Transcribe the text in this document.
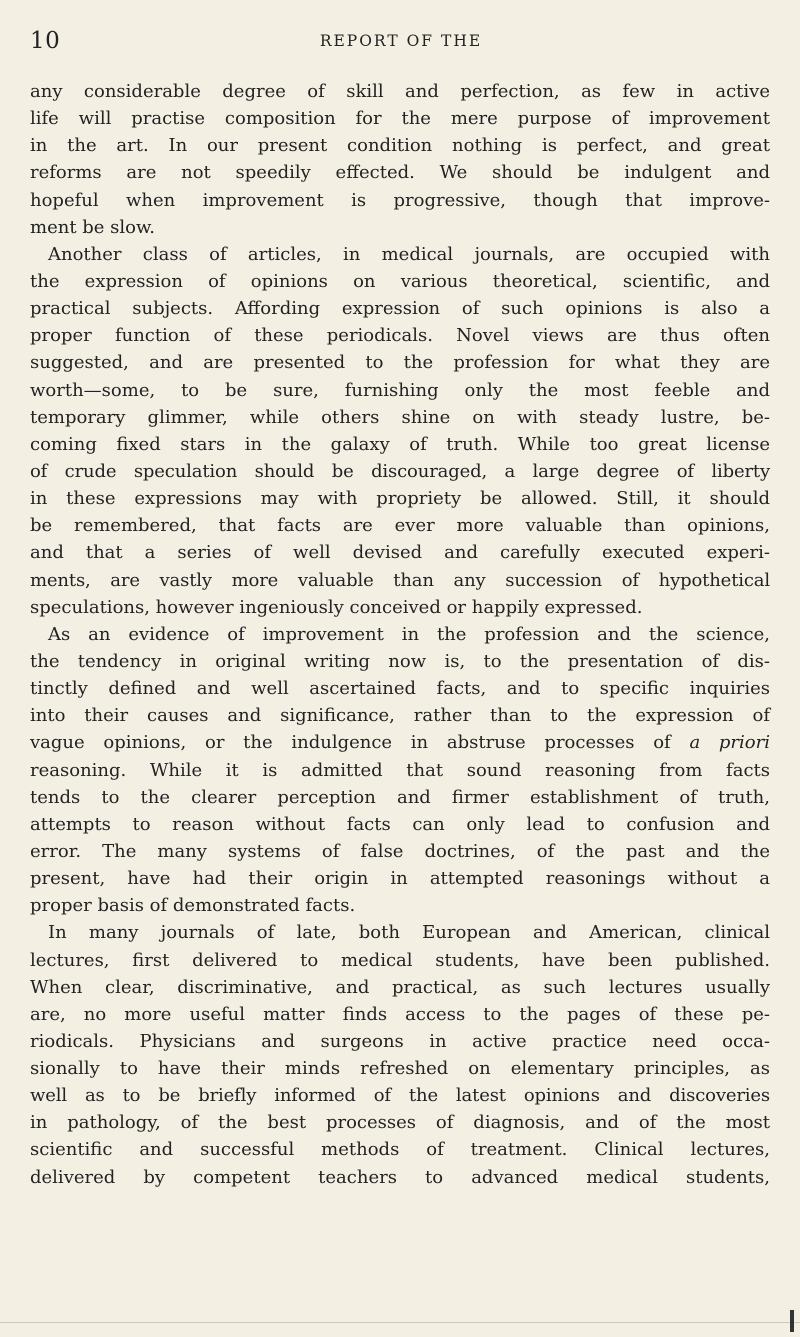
10	REPORT OF THE
any considerable degree of skill and perfection, as few in active
life will practise composition for the mere purpose of improvement
in the art. In our present condition nothing is perfect, and great
reforms are not speedily effected. We should be indulgent and
hopeful when improvement is progressive, though that improve-
ment be slow.
Another class of articles, in medical journals, are occupied with
the expression of opinions on various theoretical, scientific, and
practical subjects. Affording expression of such opinions is also a
proper function of these periodicals. Novel views are thus often
suggested, and are presented to the profession for what they are
worth—some, to be sure, furnishing only the most feeble and
temporary glimmer, while others shine on with steady lustre, be-
coming fixed stars in the galaxy of truth. While too great license
of crude speculation should be discouraged, a large degree of liberty
in these expressions may with propriety be allowed. Still, it should
be remembered, that facts are ever more valuable than opinions,
and that a series of well devised and carefully executed experi-
ments, are vastly more valuable than any succession of hypothetical
speculations, however ingeniously conceived or happily expressed.
As an evidence of improvement in the profession and the science,
the tendency in original writing now is, to the presentation of dis-
tinctly defined and well ascertained facts, and to specific inquiries
into their causes and significance, rather than to the expression of
vague opinions, or the indulgence in abstruse processes of a priori
reasoning. While it is admitted that sound reasoning from facts
tends to the clearer perception and firmer establishment of truth,
attempts to reason without facts can only lead to confusion and
error. The many systems of false doctrines, of the past and the
present, have had their origin in attempted reasonings without a
proper basis of demonstrated facts.
In many journals of late, both European and American, clinical
lectures, first delivered to medical students, have been published.
When clear, discriminative, and practical, as such lectures usually
are, no more useful matter finds access to the pages of these pe-
riodicals. Physicians and surgeons in active practice need occa-
sionally to have their minds refreshed on elementary principles, as
well as to be briefly informed of the latest opinions and discoveries
in pathology, of the best processes of diagnosis, and of the most
scientific and successful methods of treatment. Clinical lectures,
delivered by competent teachers to advanced medical students,
